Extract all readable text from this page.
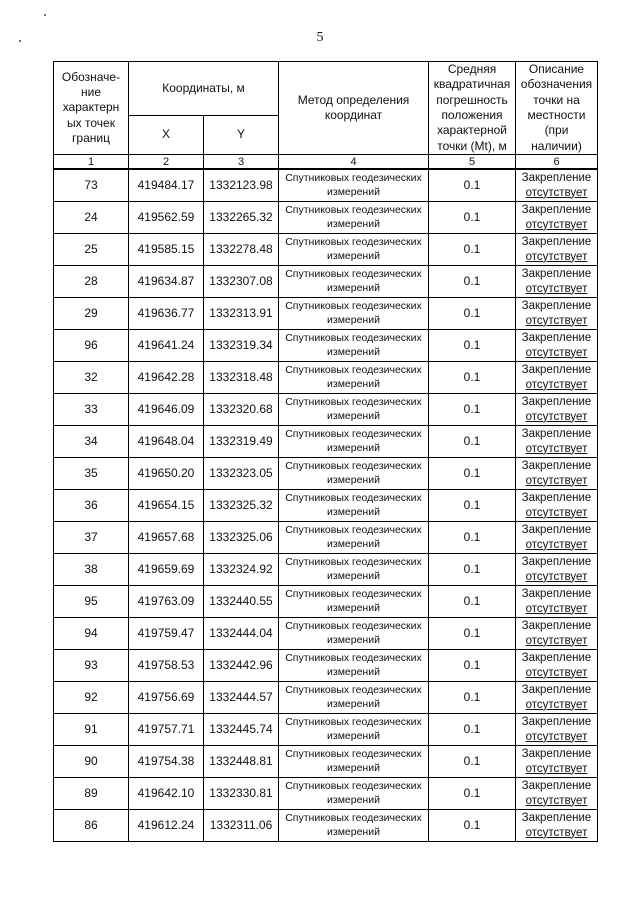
5
Обозначе-ние характерн ых точек границ	Координаты, м		Метод определения координат	Средняя квадратичная погрешность положения характерной точки (Mt), м	Описание обозначения точки на местности (при наличии)
	X	Y			
1	2	3	4	5	6
73	419484.17	1332123.98	Спутниковых геодезических измерений	0.1	Закрепление
отсутствует
24	419562.59	1332265.32	Спутниковых геодезических измерений	0.1	Закрепление
отсутствует
25	419585.15	1332278.48	Спутниковых геодезических измерений	0.1	Закрепление
отсутствует
28	419634.87	1332307.08	Спутниковых геодезических измерений	0.1	Закрепление
отсутствует
29	419636.77	1332313.91	Спутниковых геодезических измерений	0.1	Закрепление
отсутствует
96	419641.24	1332319.34	Спутниковых геодезических измерений	0.1	Закрепление
отсутствует
32	419642.28	1332318.48	Спутниковых геодезических измерений	0.1	Закрепление
отсутствует
33	419646.09	1332320.68	Спутниковых геодезических измерений	0.1	Закрепление
отсутствует
34	419648.04	1332319.49	Спутниковых геодезических измерений	0.1	Закрепление
отсутствует
35	419650.20	1332323.05	Спутниковых геодезических измерений	0.1	Закрепление
отсутствует
36	419654.15	1332325.32	Спутниковых геодезических измерений	0.1	Закрепление
отсутствует
37	419657.68	1332325.06	Спутниковых геодезических измерений	0.1	Закрепление
отсутствует
38	419659.69	1332324.92	Спутниковых геодезических измерений	0.1	Закрепление
отсутствует
95	419763.09	1332440.55	Спутниковых геодезических измерений	0.1	Закрепление
отсутствует
94	419759.47	1332444.04	Спутниковых геодезических измерений	0.1	Закрепление
отсутствует
93	419758.53	1332442.96	Спутниковых геодезических измерений	0.1	Закрепление
отсутствует
92	419756.69	1332444.57	Спутниковых геодезических измерений	0.1	Закрепление
отсутствует
91	419757.71	1332445.74	Спутниковых геодезических измерений	0.1	Закрепление
отсутствует
90	419754.38	1332448.81	Спутниковых геодезических измерений	0.1	Закрепление
отсутствует
89	419642.10	1332330.81	Спутниковых геодезических измерений	0.1	Закрепление
отсутствует
86	419612.24	1332311.06	Спутниковых геодезических измерений	0.1	Закрепление
отсутствует
